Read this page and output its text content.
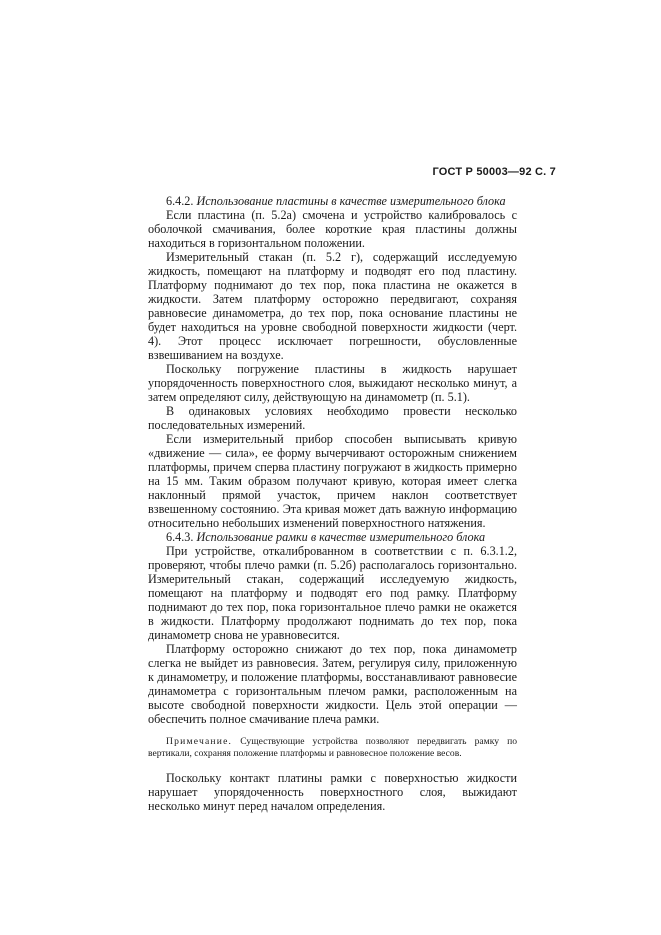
ГОСТ Р 50003—92 С. 7

6.4.2. Использование пластины в качестве измерительного блока

Если пластина (п. 5.2а) смочена и устройство калибровалось с оболочкой смачивания, более короткие края пластины должны находиться в горизонтальном положении.

Измерительный стакан (п. 5.2 г), содержащий исследуемую жидкость, помещают на платформу и подводят его под пластину. Платформу поднимают до тех пор, пока пластина не окажется в жидкости. Затем платформу осторожно передвигают, сохраняя равновесие динамометра, до тех пор, пока основание пластины не будет находиться на уровне свободной поверхности жидкости (черт. 4). Этот процесс исключает погрешности, обусловленные взвешиванием на воздухе.

Поскольку погружение пластины в жидкость нарушает упорядоченность поверхностного слоя, выжидают несколько минут, а затем определяют силу, действующую на динамометр (п. 5.1).

В одинаковых условиях необходимо провести несколько последовательных измерений.

Если измерительный прибор способен выписывать кривую «движение — сила», ее форму вычерчивают осторожным снижением платформы, причем сперва пластину погружают в жидкость примерно на 15 мм. Таким образом получают кривую, которая имеет слегка наклонный прямой участок, причем наклон соответствует взвешенному состоянию. Эта кривая может дать важную информацию относительно небольших изменений поверхностного натяжения.

6.4.3. Использование рамки в качестве измерительного блока

При устройстве, откалиброванном в соответствии с п. 6.3.1.2, проверяют, чтобы плечо рамки (п. 5.2б) располагалось горизонтально. Измерительный стакан, содержащий исследуемую жидкость, помещают на платформу и подводят его под рамку. Платформу поднимают до тех пор, пока горизонтальное плечо рамки не окажется в жидкости. Платформу продолжают поднимать до тех пор, пока динамометр снова не уравновесится.

Платформу осторожно снижают до тех пор, пока динамометр слегка не выйдет из равновесия. Затем, регулируя силу, приложенную к динамометру, и положение платформы, восстанавливают равновесие динамометра с горизонтальным плечом рамки, расположенным на высоте свободной поверхности жидкости. Цель этой операции — обеспечить полное смачивание плеча рамки.

Примечание. Существующие устройства позволяют передвигать рамку по вертикали, сохраняя положение платформы и равновесное положение весов.

Поскольку контакт платины рамки с поверхностью жидкости нарушает упорядоченность поверхностного слоя, выжидают несколько минут перед началом определения.
